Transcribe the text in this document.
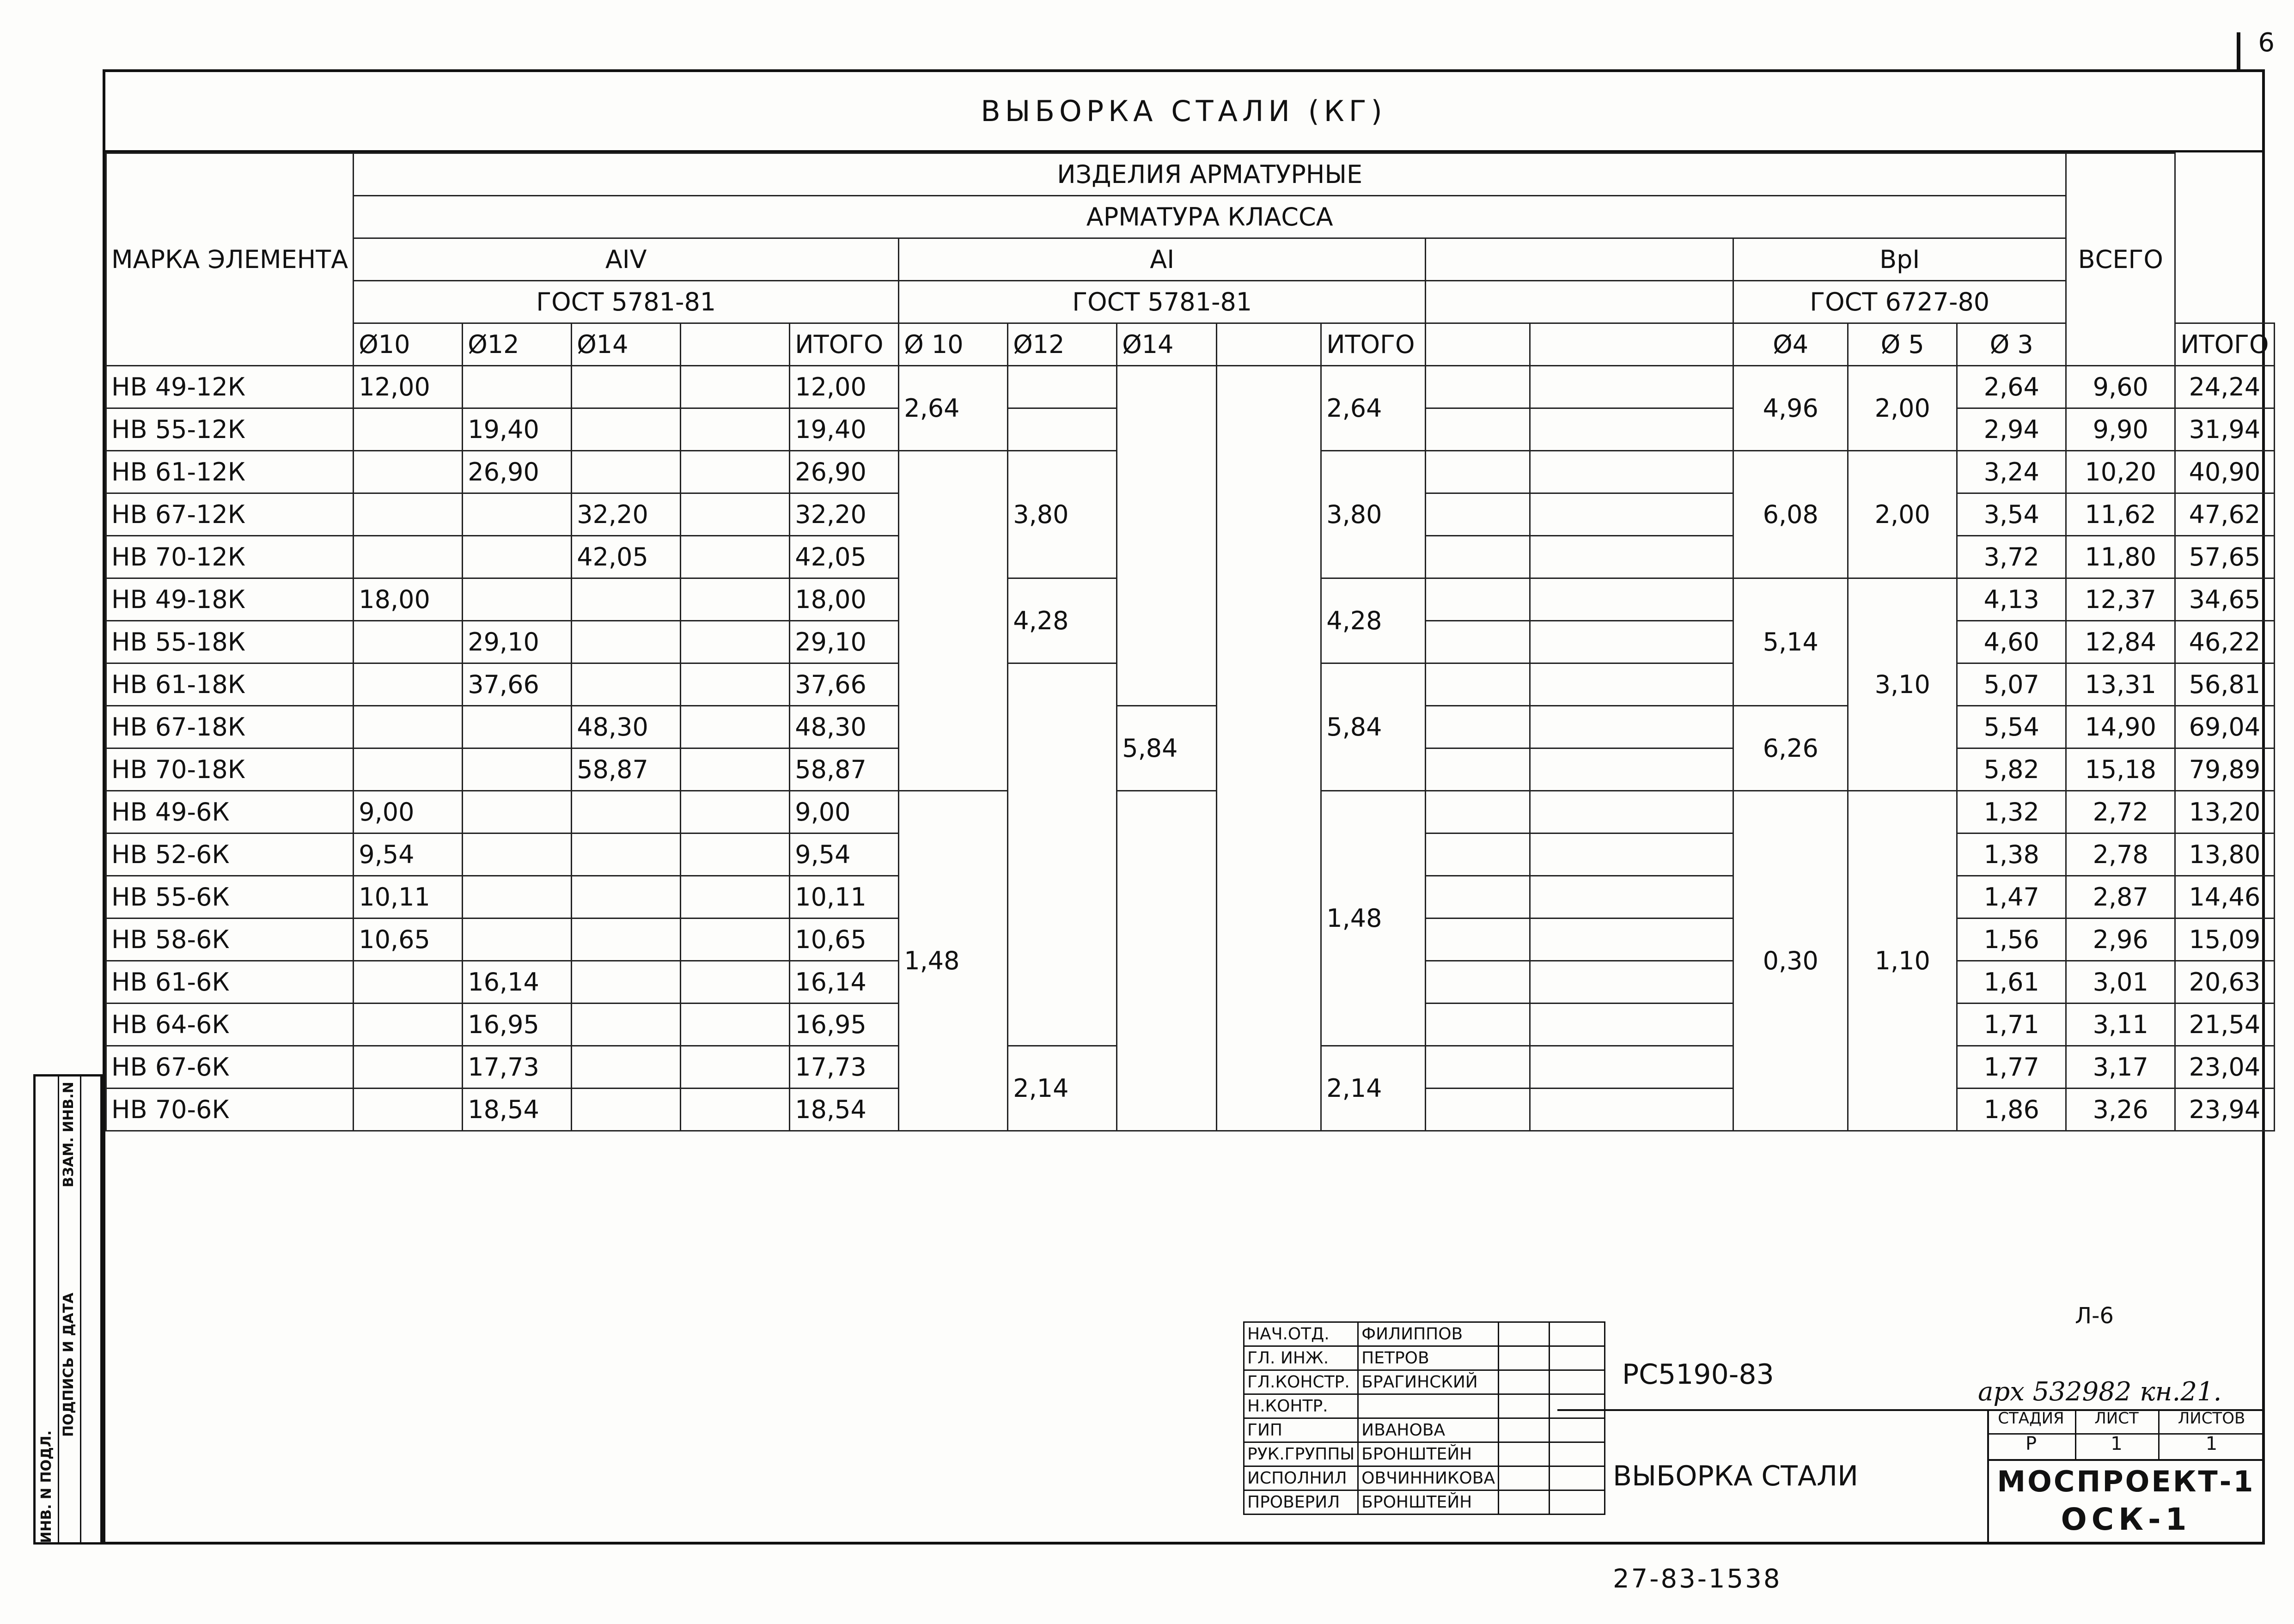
6
ВЫБОРКА СТАЛИ (КГ)
МАРКА ЭЛЕМЕНТА	ИЗДЕЛИЯ АРМАТУРНЫЕ															ВСЕГО	
	АРМАТУРА КЛАССА																
	AIV					AI							BрI				
	ГОСТ 5781-81					ГОСТ 5781-81							ГОСТ 6727-80				
	Ø10	Ø12	Ø14		ИТОГО	Ø 10	Ø12	Ø14		ИТОГО			Ø4	Ø 5	Ø 3		ИТОГО
НВ 49-12К	12,00				12,00	2,64				2,64			4,96	2,00	2,64	9,60	24,24
НВ 55-12К		19,40			19,40										2,94	9,90	31,94
НВ 61-12К		26,90			26,90		3,80			3,80			6,08	2,00	3,24	10,20	40,90
НВ 67-12К			32,20		32,20										3,54	11,62	47,62
НВ 70-12К			42,05		42,05										3,72	11,80	57,65
НВ 49-18К	18,00				18,00		4,28			4,28			5,14	3,10	4,13	12,37	34,65
НВ 55-18К		29,10			29,10										4,60	12,84	46,22
НВ 61-18К		37,66			37,66					5,84					5,07	13,31	56,81
НВ 67-18К			48,30		48,30			5,84					6,26		5,54	14,90	69,04
НВ 70-18К			58,87		58,87										5,82	15,18	79,89
НВ 49-6К	9,00				9,00	1,48				1,48			0,30	1,10	1,32	2,72	13,20
НВ 52-6К	9,54				9,54										1,38	2,78	13,80
НВ 55-6К	10,11				10,11										1,47	2,87	14,46
НВ 58-6К	10,65				10,65										1,56	2,96	15,09
НВ 61-6К		16,14			16,14										1,61	3,01	20,63
НВ 64-6К		16,95			16,95										1,71	3,11	21,54
НВ 67-6К		17,73			17,73		2,14			2,14					1,77	3,17	23,04
НВ 70-6К		18,54			18,54										1,86	3,26	23,94
ИНВ. N ПОДЛ.
ПОДПИСЬ И ДАТА
ВЗАМ. ИНВ.N
НАЧ.ОТД.	ФИЛИППОВ		
ГЛ. ИНЖ.	ПЕТРОВ		
ГЛ.КОНСТР.	БРАГИНСКИЙ		
Н.КОНТР.			
ГИП	ИВАНОВА		
РУК.ГРУППЫ	БРОНШТЕЙН		
ИСПОЛНИЛ	ОВЧИННИКОВА		
ПРОВЕРИЛ	БРОНШТЕЙН		
Л-6
РС5190-83
арх 532982 кн.21.
ВЫБОРКА СТАЛИ
СТАДИЯ	ЛИСТ	ЛИСТОВ
Р	1	1
МОСПРОЕКТ-1
ОСК-1
27-83-1538
